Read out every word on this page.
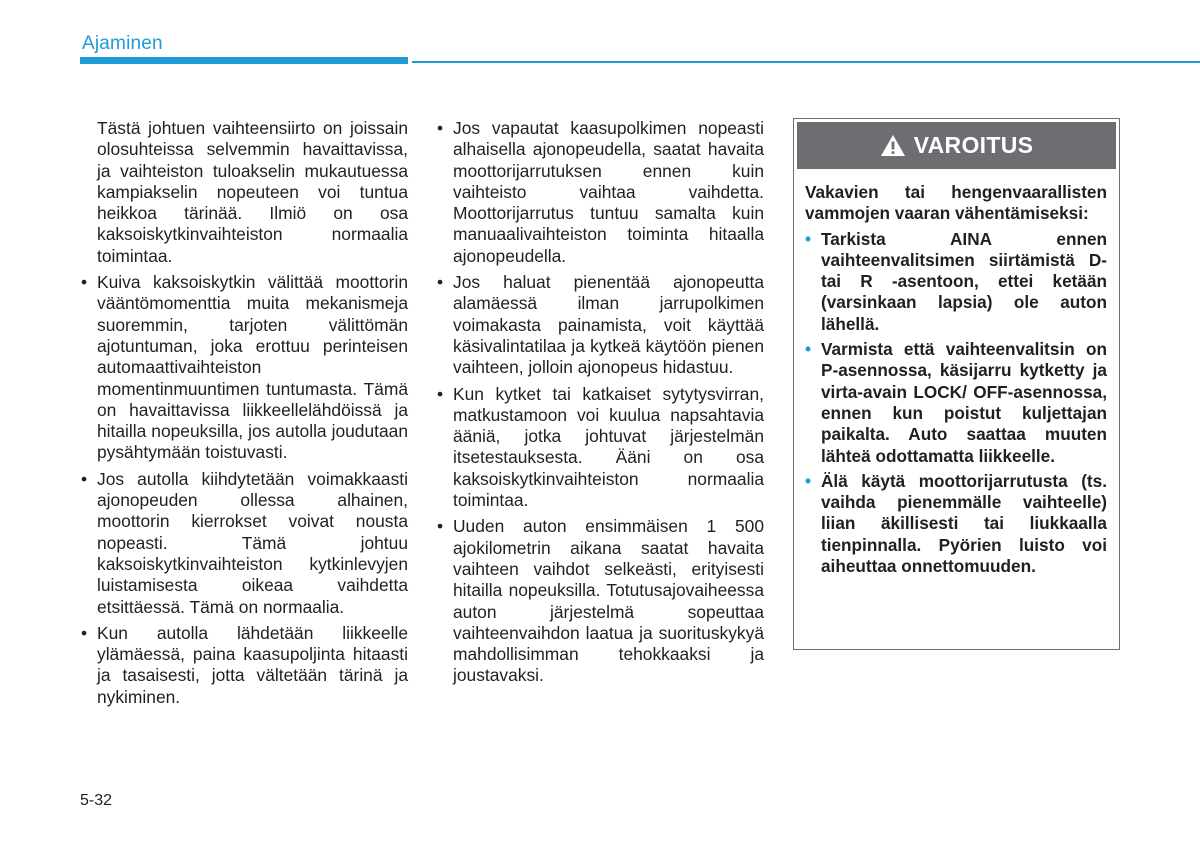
Ajaminen

Tästä johtuen vaihteensiirto on joissain olosuhteissa selvemmin havaittavissa, ja vaihteiston tuloakselin mukautuessa kampiakselin nopeuteen voi tuntua heikkoa tärinää. Ilmiö on osa kaksoiskytkinvaihteiston normaalia toimintaa.

• Kuiva kaksoiskytkin välittää moottorin vääntömomenttia muita mekanismeja suoremmin, tarjoten välittömän ajotuntuman, joka erottuu perinteisen automaattivaihteiston momentinmuuntimen tuntumasta. Tämä on havaittavissa liikkeellelähdöissä ja hitailla nopeuksilla, jos autolla joudutaan pysähtymään toistuvasti.
• Jos autolla kiihdytetään voimakkaasti ajonopeuden ollessa alhainen, moottorin kierrokset voivat nousta nopeasti. Tämä johtuu kaksoiskytkinvaihteiston kytkinlevyjen luistamisesta oikeaa vaihdetta etsittäessä. Tämä on normaalia.
• Kun autolla lähdetään liikkeelle ylämäessä, paina kaasupoljinta hitaasti ja tasaisesti, jotta vältetään tärinä ja nykiminen.
• Jos vapautat kaasupolkimen nopeasti alhaisella ajonopeudella, saatat havaita moottorijarrutuksen ennen kuin vaihteisto vaihtaa vaihdetta. Moottorijarrutus tuntuu samalta kuin manuaalivaihteiston toiminta hitaalla ajonopeudella.
• Jos haluat pienentää ajonopeutta alamäessä ilman jarrupolkimen voimakasta painamista, voit käyttää käsivalintatilaa ja kytkeä käytöön pienen vaihteen, jolloin ajonopeus hidastuu.
• Kun kytket tai katkaiset sytytysvirran, matkustamoon voi kuulua napsahtavia ääniä, jotka johtuvat järjestelmän itsetestauksesta. Ääni on osa kaksoiskytkinvaihteiston normaalia toimintaa.
• Uuden auton ensimmäisen 1 500 ajokilometrin aikana saatat havaita vaihteen vaihdot selkeästi, erityisesti hitailla nopeuksilla. Totutusajovaiheessa auton järjestelmä sopeuttaa vaihteenvaihdon laatua ja suorituskykyä mahdollisimman tehokkaaksi ja joustavaksi.
VAROITUS

Vakavien tai hengenvaarallisten vammojen vaaran vähentämiseksi:

• Tarkista AINA ennen vaihteenvalitsimen siirtämistä D- tai R -asentoon, ettei ketään (varsinkaan lapsia) ole auton lähellä.
• Varmista että vaihteenvalitsin on P-asennossa, käsijarru kytketty ja virta-avain LOCK/ OFF-asennossa, ennen kun poistut kuljettajan paikalta. Auto saattaa muuten lähteä odottamatta liikkeelle.
• Älä käytä moottorijarrutusta (ts. vaihda pienemmälle vaihteelle) liian äkillisesti tai liukkaalla tienpinnalla. Pyörien luisto voi aiheuttaa onnettomuuden.
5-32
